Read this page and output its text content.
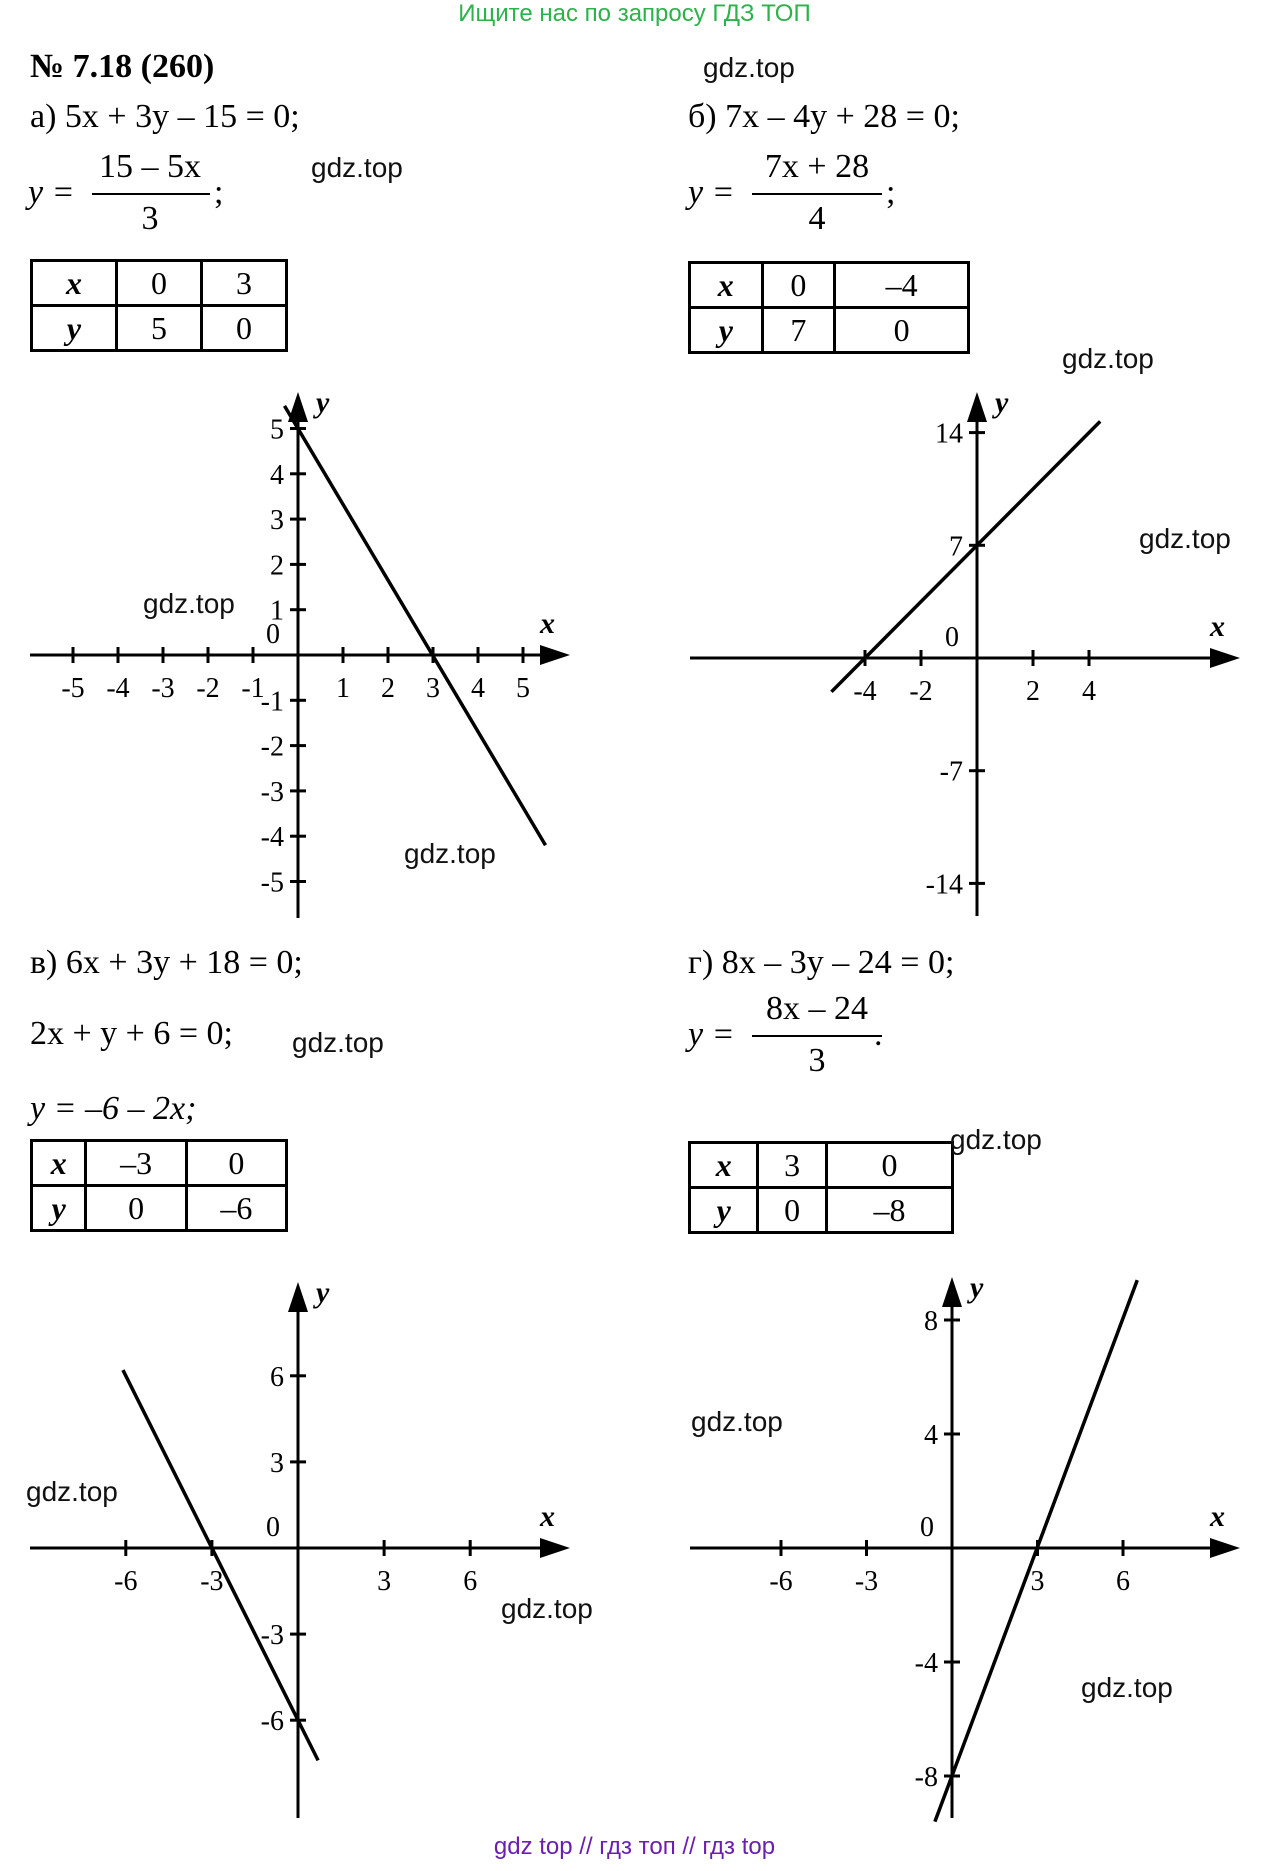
Ищите нас по запросу ГДЗ ТОП
№ 7.18 (260)
а) 5x + 3y – 15 = 0;
y =
15 – 5x
3
;
x	0	3
y	5	0
x
y
0
-5 -4 -3 -2 -1	1 2 3 4 5
5
4
3
2
1
-1
-2
-3
-4
-5
б) 7x – 4y + 28 = 0;
y =
7x + 28
4
;
x	0	–4
y	7	0
x
y
0
-4 -2	2 4
14
7
-7
-14
в) 6x + 3y + 18 = 0;
2x + y + 6 = 0;
y = –6 – 2x;
x	–3	0
y	0	–6
x
y
0
-6 -3	3	6
6
3
-3
-6
г) 8x – 3y – 24 = 0;
y =
8x – 24
3
.
x	3	0
y	0	–8
x
y
0
-6 -3	3	6
8
4
-4
-8
gdz.top
gdz.top
gdz.top
gdz.top
gdz.top
gdz.top
gdz.top
gdz.top
gdz.top
gdz.top
gdz.top
gdz.top
gdz top // гдз топ // гдз top
